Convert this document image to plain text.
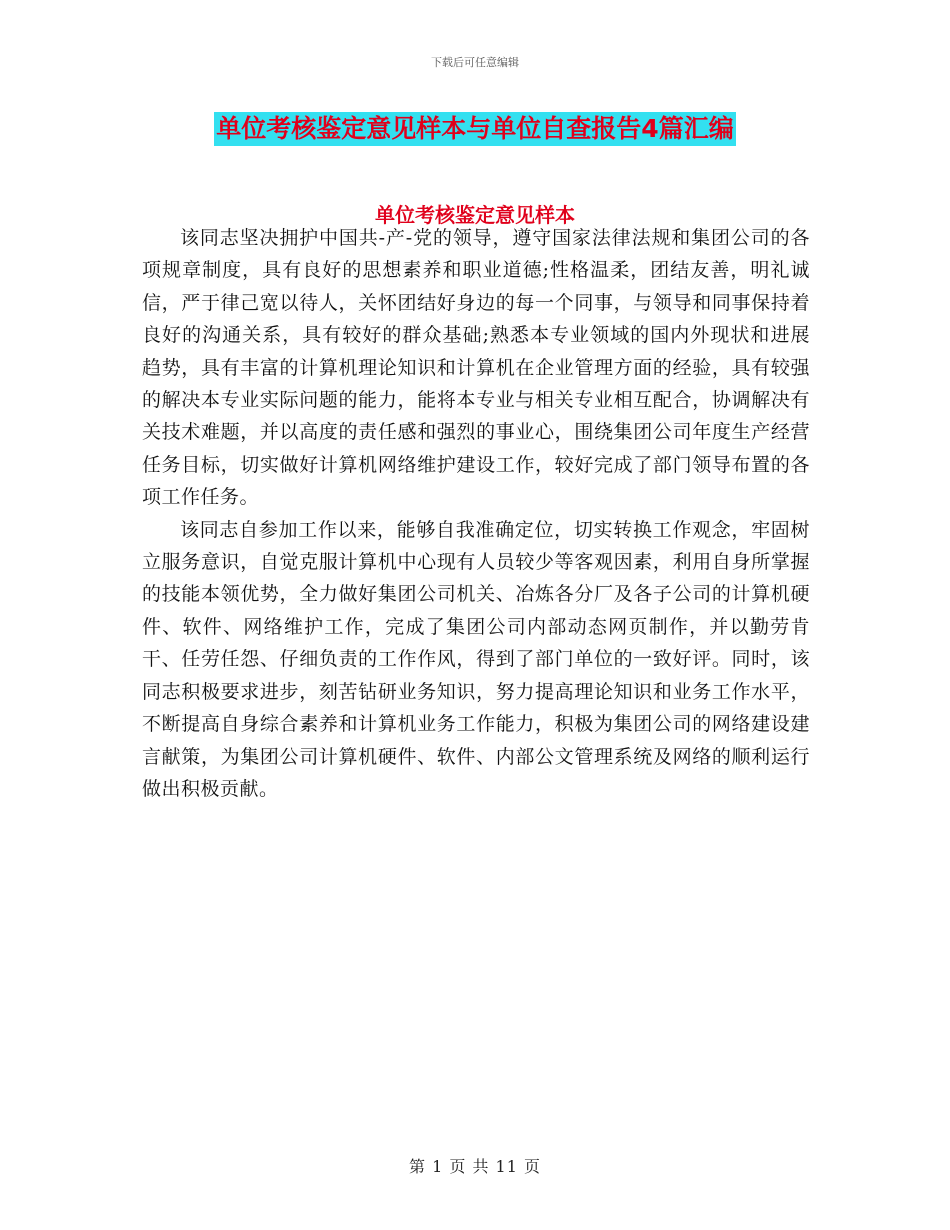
下载后可任意编辑
单位考核鉴定意见样本与单位自查报告4篇汇编
单位考核鉴定意见样本

该同志坚决拥护中国共-产-党的领导，遵守国家法律法规和集团公司的各项规章制度，具有良好的思想素养和职业道德;性格温柔，团结友善，明礼诚信，严于律己宽以待人，关怀团结好身边的每一个同事，与领导和同事保持着良好的沟通关系，具有较好的群众基础;熟悉本专业领域的国内外现状和进展趋势，具有丰富的计算机理论知识和计算机在企业管理方面的经验，具有较强的解决本专业实际问题的能力，能将本专业与相关专业相互配合，协调解决有关技术难题，并以高度的责任感和强烈的事业心，围绕集团公司年度生产经营任务目标，切实做好计算机网络维护建设工作，较好完成了部门领导布置的各项工作任务。

该同志自参加工作以来，能够自我准确定位，切实转换工作观念，牢固树立服务意识，自觉克服计算机中心现有人员较少等客观因素，利用自身所掌握的技能本领优势，全力做好集团公司机关、冶炼各分厂及各子公司的计算机硬件、软件、网络维护工作，完成了集团公司内部动态网页制作，并以勤劳肯干、任劳任怨、仔细负责的工作作风，得到了部门单位的一致好评。同时，该同志积极要求进步，刻苦钻研业务知识，努力提高理论知识和业务工作水平，不断提高自身综合素养和计算机业务工作能力，积极为集团公司的网络建设建言献策，为集团公司计算机硬件、软件、内部公文管理系统及网络的顺利运行做出积极贡献。

第 1 页 共 11 页
